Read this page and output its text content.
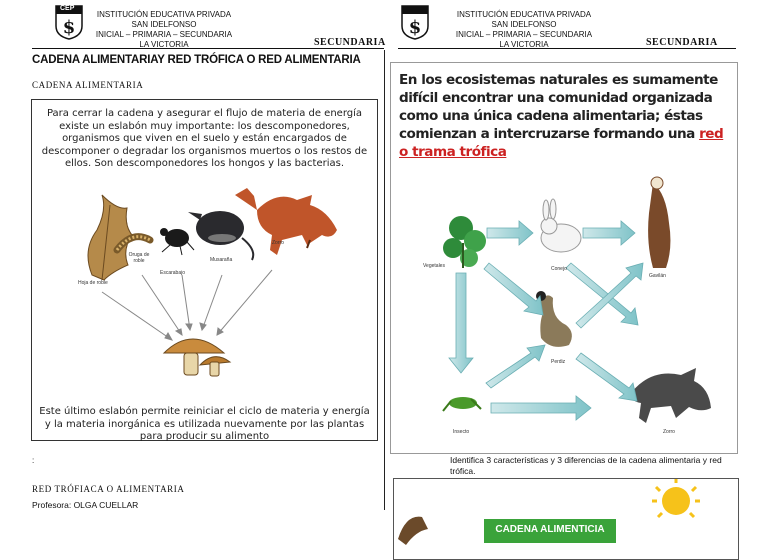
$
CEP
INSTITUCIÓN EDUCATIVA PRIVADA
SAN IDELFONSO
INICIAL – PRIMARIA – SECUNDARIA
LA VICTORIA	SECUNDARIA
$
INSTITUCIÓN EDUCATIVA PRIVADA
SAN IDELFONSO
INICIAL – PRIMARIA – SECUNDARIA
LA VICTORIA	SECUNDARIA
CADENA ALIMENTARIAY RED TRÓFICA O RED ALIMENTARIA
CADENA ALIMENTARIA
Para cerrar la cadena y asegurar el flujo de materia de energía existe un eslabón muy importante: los descomponedores, organismos que viven en el suelo y están encargados de descomponer o degradar los organismos muertos o los restos de ellos. Son descomponedores los hongos y las bacterias.
Hoja de roble
Oruga de roble
Escarabajo
Musaraña
Zorro
Este último eslabón permite reiniciar el ciclo de materia y energía y la materia inorgánica es utilizada nuevamente por las plantas para producir su alimento
:
RED TRÓFIACA O ALIMENTARIA
Profesora: OLGA CUELLAR
En los ecosistemas naturales es sumamente difícil encontrar una comunidad organizada como una única cadena alimentaria; éstas comienzan a intercruzarse formando una red o trama trófica
Vegetales	Conejo
Gavilán
Perdiz
Insecto	Zorro
Identifica 3 características y 3 diferencias de la cadena alimentaria y red trófica.
CADENA ALIMENTICIA
